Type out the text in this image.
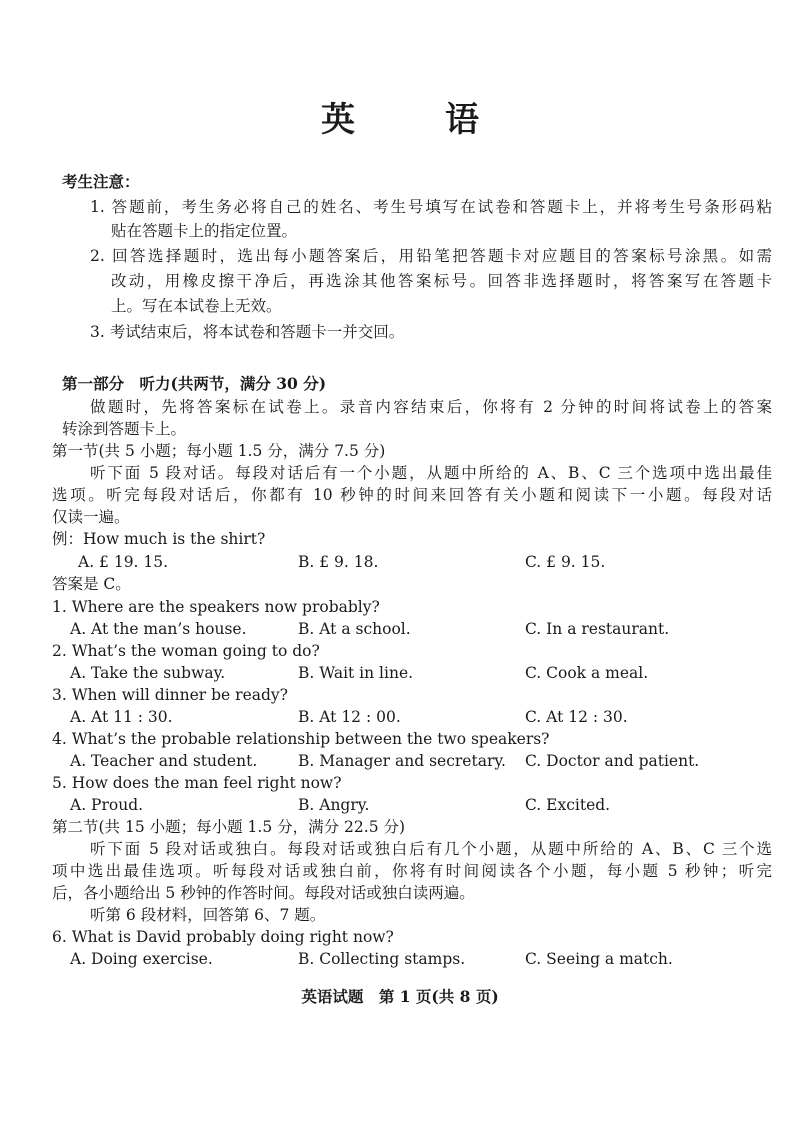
英　语
考生注意：
1. 答题前，考生务必将自己的姓名、考生号填写在试卷和答题卡上，并将考生号条形码粘
贴在答题卡上的指定位置。
2. 回答选择题时，选出每小题答案后，用铅笔把答题卡对应题目的答案标号涂黑。如需
改动，用橡皮擦干净后，再选涂其他答案标号。回答非选择题时，将答案写在答题卡
上。写在本试卷上无效。
3. 考试结束后，将本试卷和答题卡一并交回。
第一部分　听力(共两节，满分 30 分)
做题时，先将答案标在试卷上。录音内容结束后，你将有 2 分钟的时间将试卷上的答案
转涂到答题卡上。
第一节(共 5 小题；每小题 1.5 分，满分 7.5 分)
听下面 5 段对话。每段对话后有一个小题，从题中所给的 A、B、C 三个选项中选出最佳
选项。听完每段对话后，你都有 10 秒钟的时间来回答有关小题和阅读下一小题。每段对话
仅读一遍。
例：How much is the shirt?
A. £ 19. 15.	B. £ 9. 18.	C. £ 9. 15.
答案是 C。
1. Where are the speakers now probably?
A. At the man’s house.	B. At a school.	C. In a restaurant.
2. What’s the woman going to do?
A. Take the subway.	B. Wait in line.	C. Cook a meal.
3. When will dinner be ready?
A. At 11 : 30.	B. At 12 : 00.	C. At 12 : 30.
4. What’s the probable relationship between the two speakers?
A. Teacher and student.	B. Manager and secretary. C. Doctor and patient.
5. How does the man feel right now?
A. Proud.	B. Angry.	C. Excited.
第二节(共 15 小题；每小题 1.5 分，满分 22.5 分)
听下面 5 段对话或独白。每段对话或独白后有几个小题，从题中所给的 A、B、C 三个选
项中选出最佳选项。听每段对话或独白前，你将有时间阅读各个小题，每小题 5 秒钟；听完
后，各小题给出 5 秒钟的作答时间。每段对话或独白读两遍。
听第 6 段材料，回答第 6、7 题。
6. What is David probably doing right now?
A. Doing exercise.	B. Collecting stamps.	C. Seeing a match.
英语试题　第 1 页(共 8 页)
